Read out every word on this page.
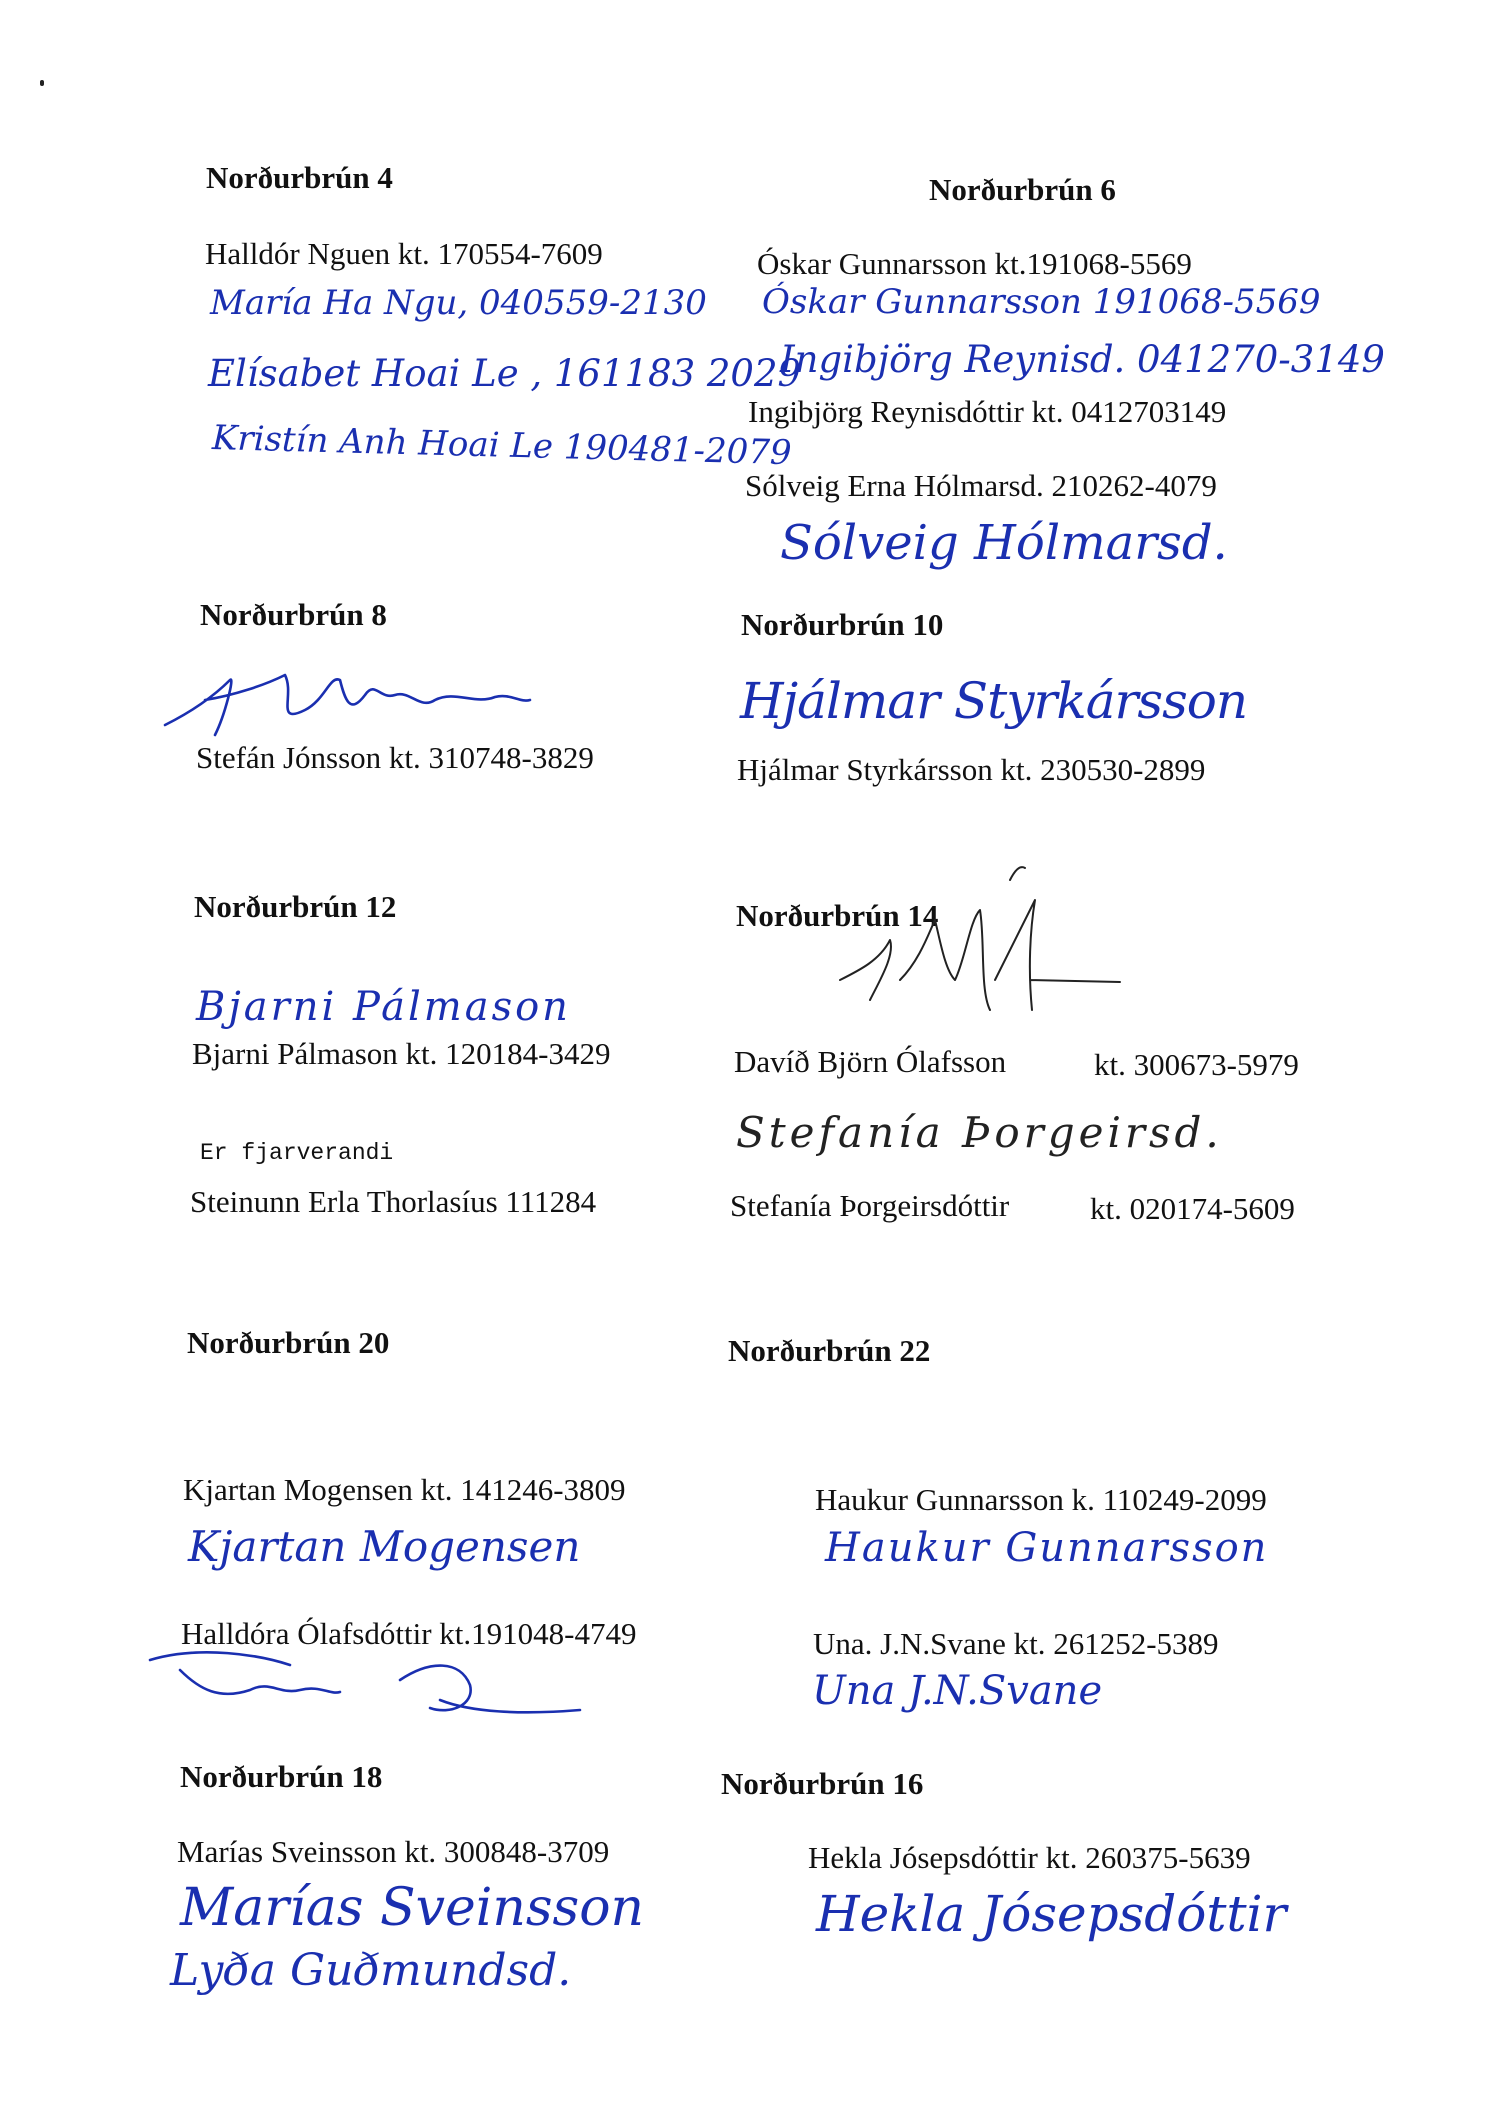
Norðurbrún 4
Halldór Nguen kt. 170554-7609
María Ha Ngu, 040559-2130
Elísabet Hoai Le , 161183 2029
Kristín Anh Hoai Le 190481-2079
Norðurbrún 6
Óskar Gunnarsson kt.191068-5569
Óskar Gunnarsson 191068-5569
Ingibjörg Reynisd. 041270-3149
Ingibjörg Reynisdóttir kt. 0412703149
Sólveig Erna Hólmarsd. 210262-4079
Sólveig Hólmarsd.
Norðurbrún 8
Stefán Jónsson kt. 310748-3829
Norðurbrún 10
Hjálmar Styrkársson
Hjálmar Styrkársson kt. 230530-2899
Norðurbrún 12
Bjarni Pálmason
Bjarni Pálmason kt. 120184-3429
Er fjarverandi
Steinunn Erla Thorlasíus 111284
Norðurbrún 14
Davíð Björn Ólafsson	kt. 300673-5979
Stefanía Þorgeirsd.
Stefanía Þorgeirsdóttir	kt. 020174-5609
Norðurbrún 20
Kjartan Mogensen kt. 141246-3809
Kjartan Mogensen
Halldóra Ólafsdóttir kt.191048-4749
Norðurbrún 22
Haukur Gunnarsson k. 110249-2099
Haukur Gunnarsson
Una. J.N.Svane kt. 261252-5389
Una J.N.Svane
Norðurbrún 18
Marías Sveinsson kt. 300848-3709
Marías Sveinsson
Lyða Guðmundsd.
Norðurbrún 16
Hekla Jósepsdóttir kt. 260375-5639
Hekla Jósepsdóttir
